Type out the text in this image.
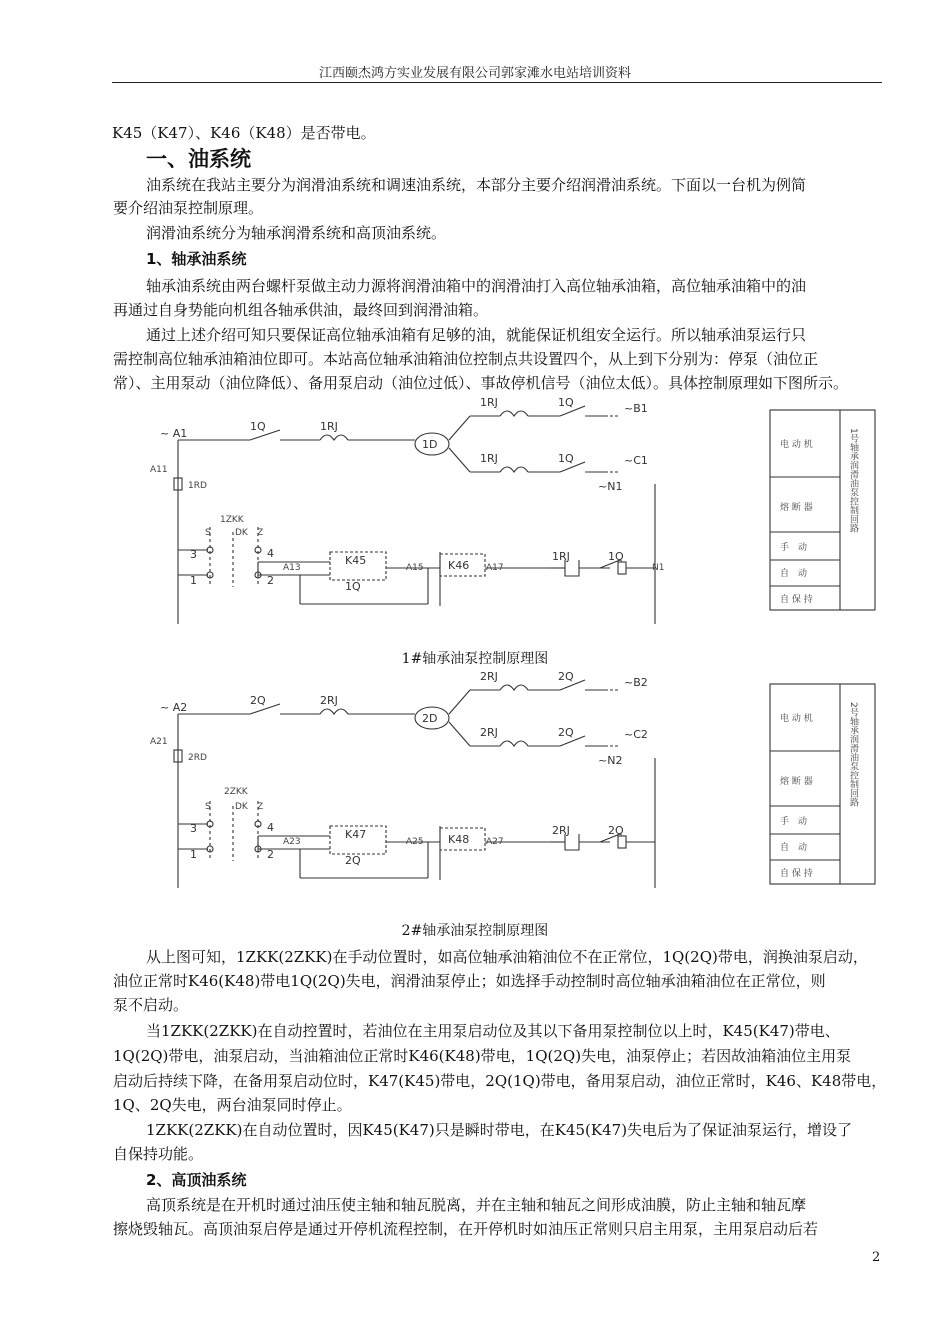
江西颐杰鸿方实业发展有限公司郭家滩水电站培训资料
K45（K47）、K46（K48）是否带电。
一、油系统
油系统在我站主要分为润滑油系统和调速油系统，本部分主要介绍润滑油系统。下面以一台机为例简
要介绍油泵控制原理。
润滑油系统分为轴承润滑系统和高顶油系统。
1、轴承油系统
轴承油系统由两台螺杆泵做主动力源将润滑油箱中的润滑油打入高位轴承油箱，高位轴承油箱中的油
再通过自身势能向机组各轴承供油，最终回到润滑油箱。
通过上述介绍可知只要保证高位轴承油箱有足够的油，就能保证机组安全运行。所以轴承油泵运行只
需控制高位轴承油箱油位即可。本站高位轴承油箱油位控制点共设置四个，从上到下分别为：停泵（油位正
常）、主用泵动（油位降低）、备用泵启动（油位过低）、事故停机信号（油位太低）。具体控制原理如下图所示。
~ A1
1Q	1RJ
1D
1RJ	1Q	~B1
1RJ	1Q	~C1
~N1
A11
1RD
1ZKK
S	DK Z
3
1
4
2
A13
K45
1Q
A15 K46 A17
1RJ	1Q
N1
电 动 机
熔 断 器
手　动
自　动
自 保 持
1号轴承润滑油泵控制回路
1#轴承油泵控制原理图
~ A2
2Q	2RJ
2D
2RJ	2Q	~B2
2RJ	2Q	~C2
~N2
A21
2RD
2ZKK
S	DK Z
3
1
4
2
A23
K47
2Q
A25 K48 A27
2RJ	2Q
电 动 机
熔 断 器
手　动
自　动
自 保 持
2号轴承润滑油泵控制回路
2#轴承油泵控制原理图
从上图可知，1ZKK(2ZKK)在手动位置时，如高位轴承油箱油位不在正常位，1Q(2Q)带电，润换油泵启动，
油位正常时K46(K48)带电1Q(2Q)失电，润滑油泵停止；如选择手动控制时高位轴承油箱油位在正常位，则
泵不启动。
当1ZKK(2ZKK)在自动控置时，若油位在主用泵启动位及其以下备用泵控制位以上时，K45(K47)带电、
1Q(2Q)带电，油泵启动，当油箱油位正常时K46(K48)带电，1Q(2Q)失电，油泵停止；若因故油箱油位主用泵
启动后持续下降，在备用泵启动位时，K47(K45)带电，2Q(1Q)带电，备用泵启动，油位正常时，K46、K48带电，
1Q、2Q失电，两台油泵同时停止。
1ZKK(2ZKK)在自动位置时，因K45(K47)只是瞬时带电，在K45(K47)失电后为了保证油泵运行，增设了
自保持功能。
2、高顶油系统
高顶系统是在开机时通过油压使主轴和轴瓦脱离，并在主轴和轴瓦之间形成油膜，防止主轴和轴瓦摩
擦烧毁轴瓦。高顶油泵启停是通过开停机流程控制，在开停机时如油压正常则只启主用泵，主用泵启动后若
2
